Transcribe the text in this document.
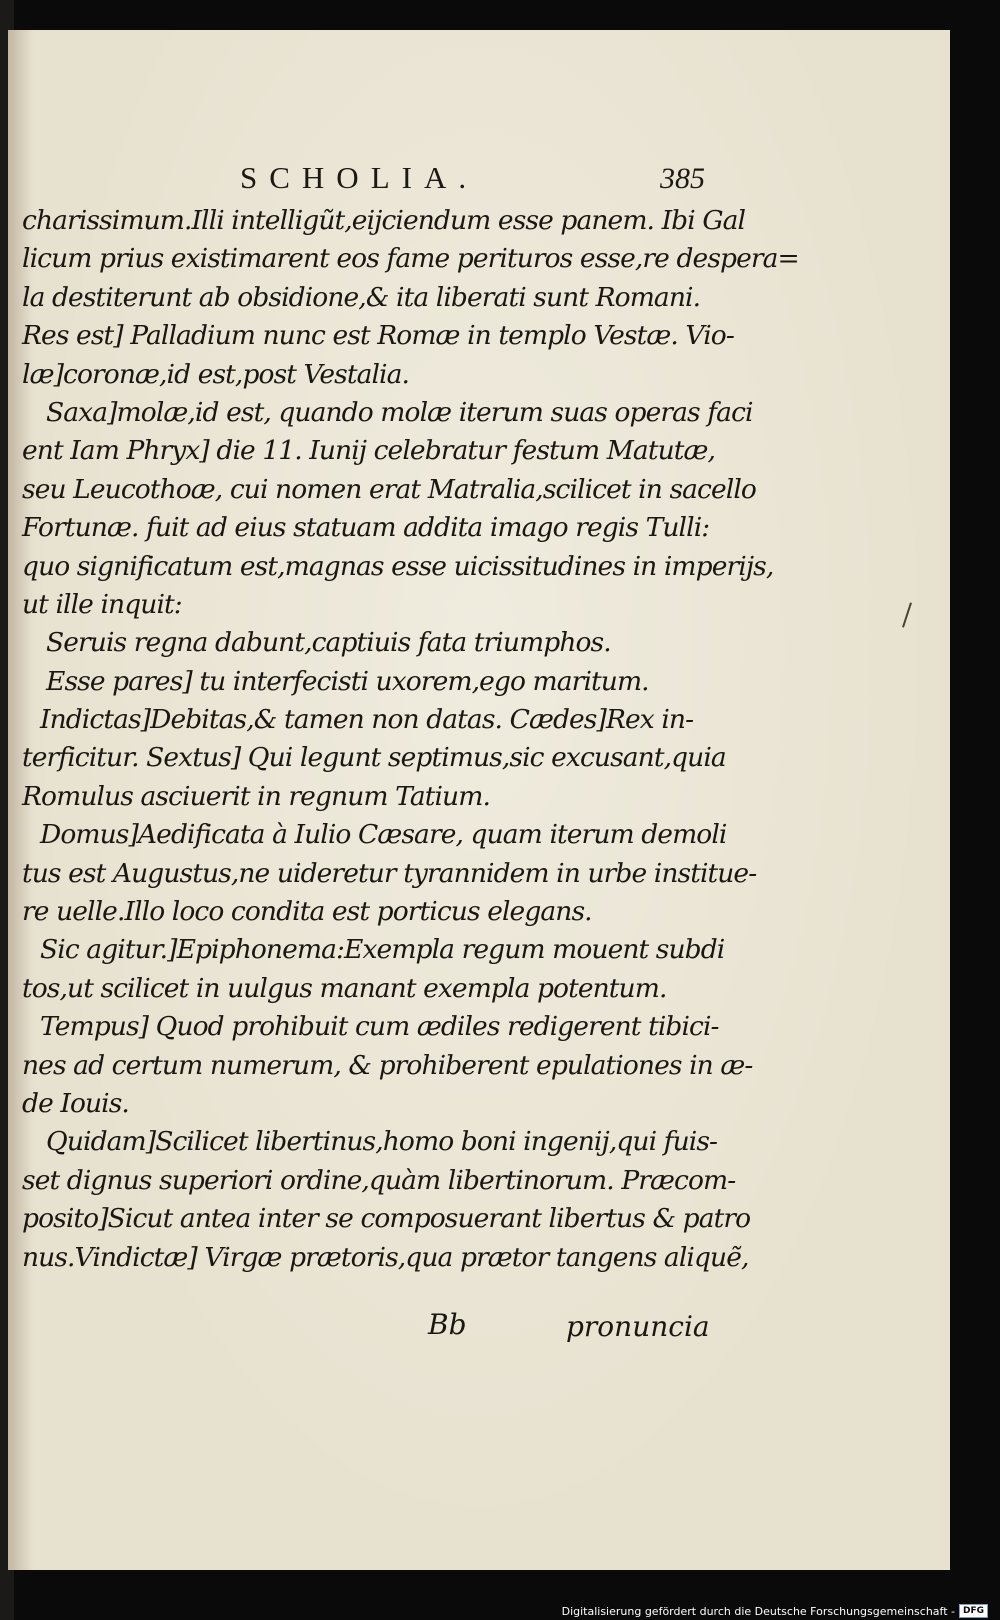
SCHOLIA.	385
charissimum.Illi intelligũt,eijciendum esse panem. Ibi Gal
licum prius existimarent eos fame perituros esse,re despera=
la destiterunt ab obsidione,& ita liberati sunt Romani.
Res est] Palladium nunc est Romæ in templo Vestæ. Vio-
læ]coronæ,id est,post Vestalia.
Saxa]molæ,id est, quando molæ iterum suas operas faci
ent Iam Phryx] die 11. Iunij celebratur festum Matutæ,
seu Leucothoæ, cui nomen erat Matralia,scilicet in sacello
Fortunæ. fuit ad eius statuam addita imago regis Tulli:
quo significatum est,magnas esse uicissitudines in imperijs,
ut ille inquit:
Seruis regna dabunt,captiuis fata triumphos.
Esse pares] tu interfecisti uxorem,ego maritum.
Indictas]Debitas,& tamen non datas. Cædes]Rex in-
terficitur. Sextus] Qui legunt septimus,sic excusant,quia
Romulus asciuerit in regnum Tatium.
Domus]Aedificata à Iulio Cæsare, quam iterum demoli
tus est Augustus,ne uideretur tyrannidem in urbe institue-
re uelle.Illo loco condita est porticus elegans.
Sic agitur.]Epiphonema:Exempla regum mouent subdi
tos,ut scilicet in uulgus manant exempla potentum.
Tempus] Quod prohibuit cum ædiles redigerent tibici-
nes ad certum numerum, & prohiberent epulationes in æ-
de Iouis.
Quidam]Scilicet libertinus,homo boni ingenij,qui fuis-
set dignus superiori ordine,quàm libertinorum. Præcom-
posito]Sicut antea inter se composuerant libertus & patro
nus.Vindictæ] Virgæ prætoris,qua prætor tangens aliquẽ,
Bb	pronuncia
Digitalisierung gefördert durch die Deutsche Forschungsgemeinschaft - DFG
